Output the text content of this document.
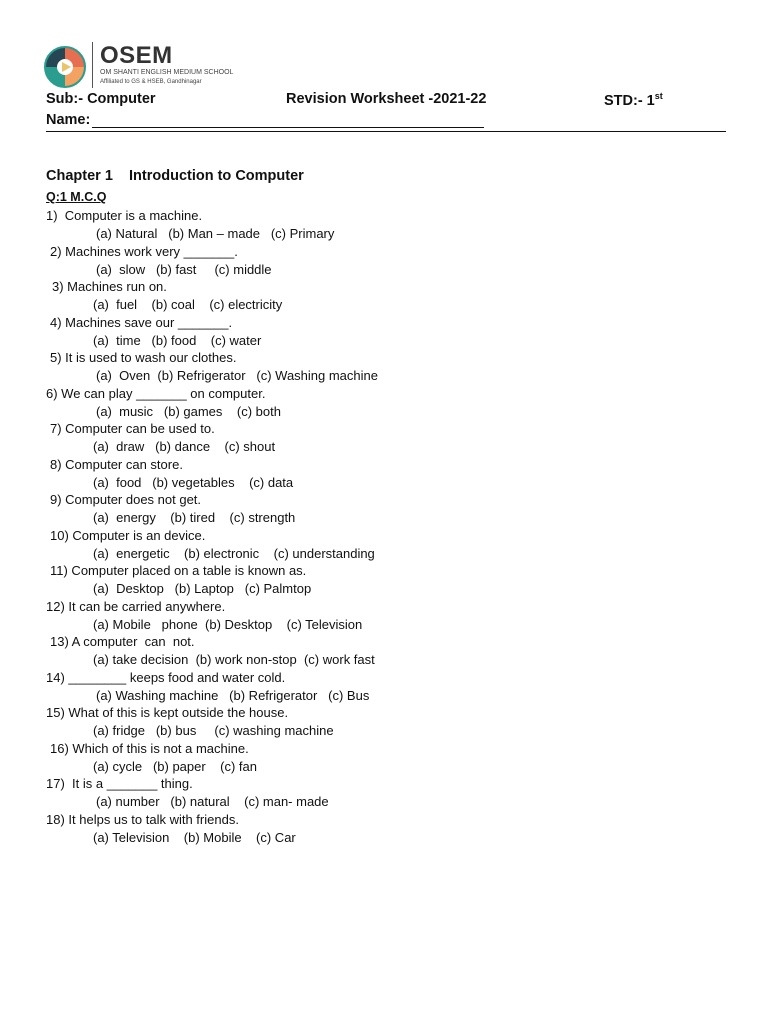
OSEM
OM SHANTI ENGLISH MEDIUM SCHOOL
Affiliated to GS & HSEB, Gandhinagar
Sub:- Computer	Revision Worksheet -2021-22	STD:- 1st
Name:
Chapter 1 Introduction to Computer
Q:1 M.C.Q
1)  Computer is a machine.
(a) Natural   (b) Man – made   (c) Primary
2) Machines work very _______.
(a)  slow   (b) fast     (c) middle
3) Machines run on.
(a)  fuel    (b) coal    (c) electricity
4) Machines save our _______.
(a)  time   (b) food    (c) water
5) It is used to wash our clothes.
(a)  Oven  (b) Refrigerator   (c) Washing machine
6) We can play _______ on computer.
(a)  music   (b) games    (c) both
7) Computer can be used to.
(a)  draw   (b) dance    (c) shout
8) Computer can store.
(a)  food   (b) vegetables    (c) data
9) Computer does not get.
(a)  energy    (b) tired    (c) strength
10) Computer is an device.
(a)  energetic    (b) electronic    (c) understanding
11) Computer placed on a table is known as.
(a)  Desktop   (b) Laptop   (c) Palmtop
12) It can be carried anywhere.
(a) Mobile   phone  (b) Desktop    (c) Television
13) A computer  can  not.
(a) take decision  (b) work non-stop  (c) work fast
14) ________ keeps food and water cold.
(a) Washing machine   (b) Refrigerator   (c) Bus
15) What of this is kept outside the house.
(a) fridge   (b) bus     (c) washing machine
16) Which of this is not a machine.
(a) cycle   (b) paper    (c) fan
17)  It is a _______ thing.
(a) number   (b) natural    (c) man- made
18) It helps us to talk with friends.
(a) Television    (b) Mobile    (c) Car
